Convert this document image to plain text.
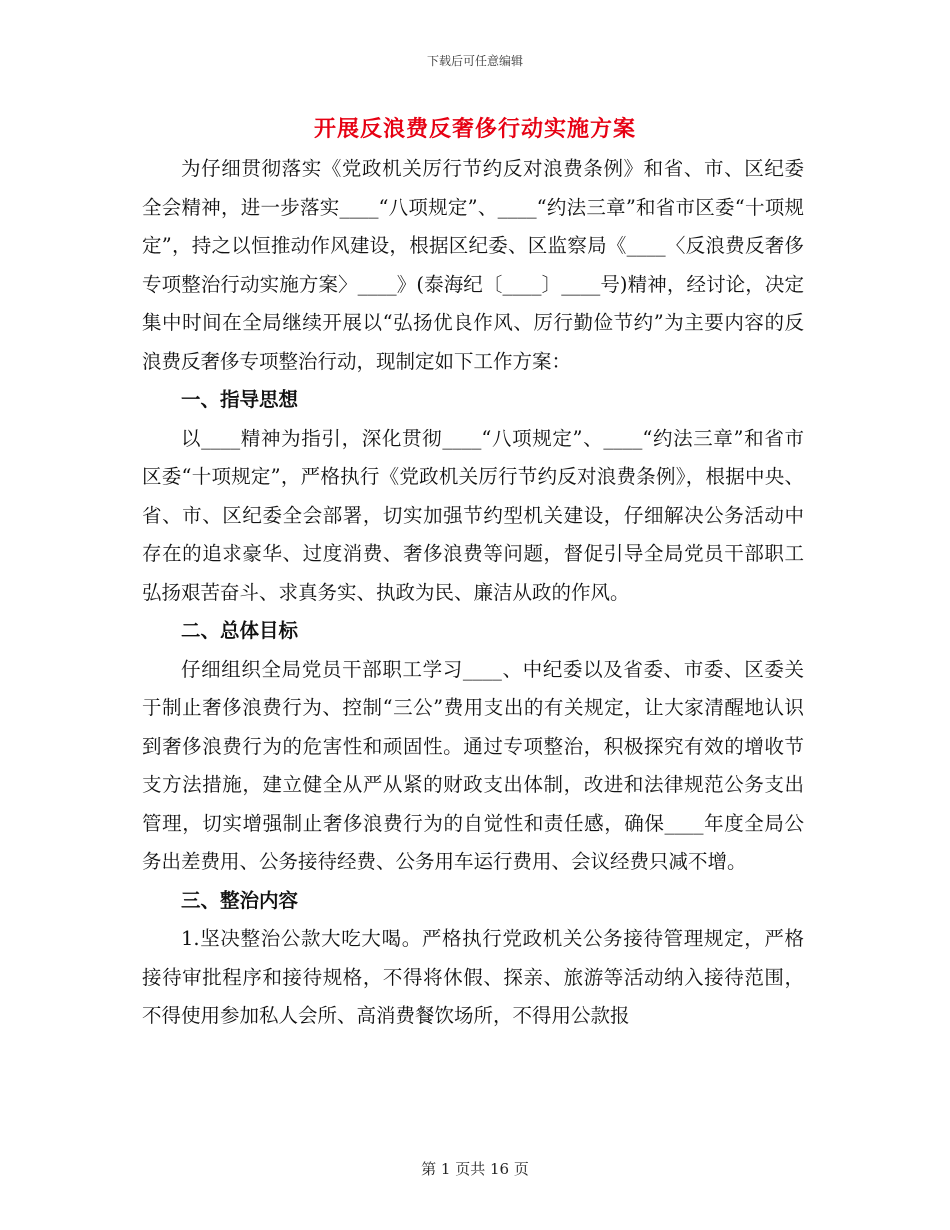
下载后可任意编辑
开展反浪费反奢侈行动实施方案

为仔细贯彻落实《党政机关厉行节约反对浪费条例》和省、市、区纪委全会精神，进一步落实____“八项规定”、____“约法三章”和省市区委“十项规定”，持之以恒推动作风建设，根据区纪委、区监察局《____〈反浪费反奢侈专项整治行动实施方案〉____》(泰海纪〔____〕____号)精神，经讨论，决定集中时间在全局继续开展以“弘扬优良作风、厉行勤俭节约”为主要内容的反浪费反奢侈专项整治行动，现制定如下工作方案：

一、指导思想

以____精神为指引，深化贯彻____“八项规定”、____“约法三章”和省市区委“十项规定”，严格执行《党政机关厉行节约反对浪费条例》，根据中央、省、市、区纪委全会部署，切实加强节约型机关建设，仔细解决公务活动中存在的追求豪华、过度消费、奢侈浪费等问题，督促引导全局党员干部职工弘扬艰苦奋斗、求真务实、执政为民、廉洁从政的作风。

二、总体目标

仔细组织全局党员干部职工学习____、中纪委以及省委、市委、区委关于制止奢侈浪费行为、控制“三公”费用支出的有关规定，让大家清醒地认识到奢侈浪费行为的危害性和顽固性。通过专项整治，积极探究有效的增收节支方法措施，建立健全从严从紧的财政支出体制，改进和法律规范公务支出管理，切实增强制止奢侈浪费行为的自觉性和责任感，确保____年度全局公务出差费用、公务接待经费、公务用车运行费用、会议经费只减不增。

三、整治内容

1.坚决整治公款大吃大喝。严格执行党政机关公务接待管理规定，严格接待审批程序和接待规格，不得将休假、探亲、旅游等活动纳入接待范围，不得使用参加私人会所、高消费餐饮场所，不得用公款报

第 1 页共 16 页
